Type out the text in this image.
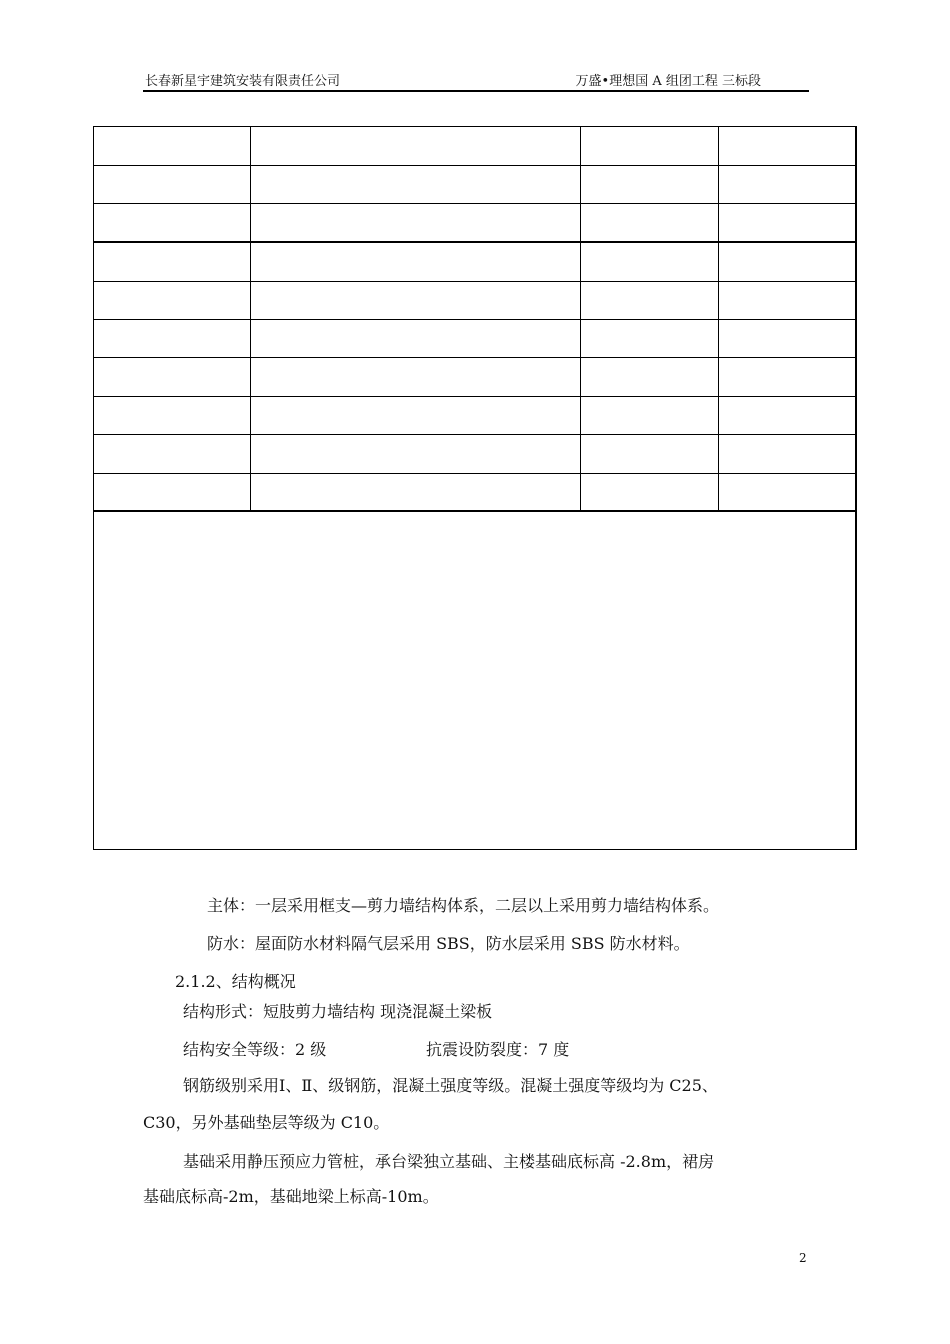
长春新星宇建筑安装有限责任公司	万盛•理想国 A 组团工程 三标段
主体：一层采用框支—剪力墙结构体系，二层以上采用剪力墙结构体系。
防水：屋面防水材料隔气层采用 SBS，防水层采用 SBS 防水材料。
2.1.2、结构概况
结构形式：短肢剪力墙结构 现浇混凝土梁板
结构安全等级：2 级	抗震设防裂度：7 度
钢筋级别采用Ⅰ、Ⅱ、级钢筋，混凝土强度等级。混凝土强度等级均为 C25、
C30，另外基础垫层等级为 C10。
基础采用静压预应力管桩，承台梁独立基础、主楼基础底标高 -2.8m，裙房
基础底标高-2m，基础地梁上标高-10m。
2
